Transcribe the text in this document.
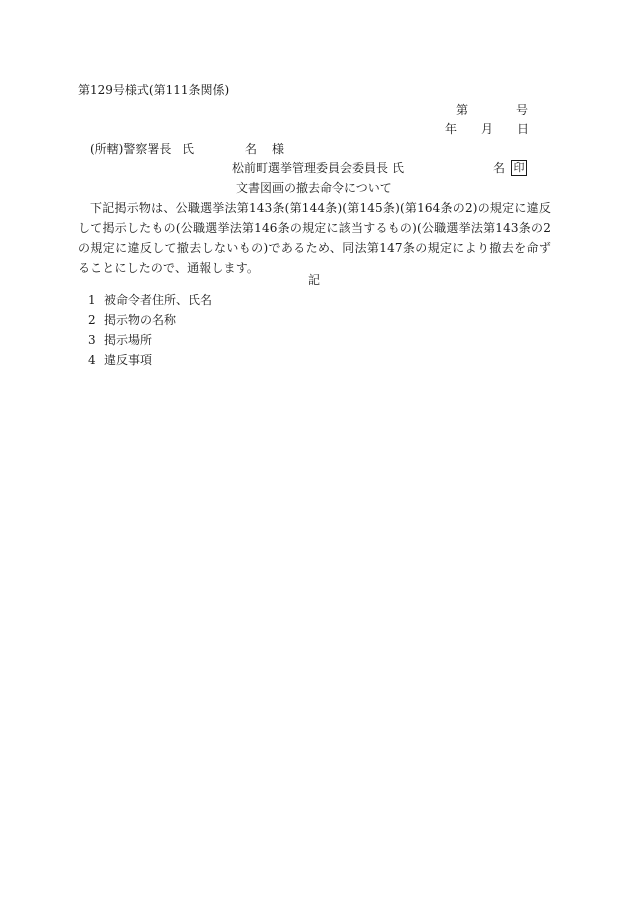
第129号様式(第111条関係)
第	号
年 月 日
(所轄)警察署長 氏	名 様
松前町選挙管理委員会委員長 氏	名 印
文書図画の撤去命令について
下記掲示物は、公職選挙法第143条(第144条)(第145条)(第164条の2)の規定に違反して掲示したもの(公職選挙法第146条の規定に該当するもの)(公職選挙法第143条の2の規定に違反して撤去しないもの)であるため、同法第147条の規定により撤去を命ずることにしたので、通報します。
記
1 被命令者住所、氏名
2 掲示物の名称
3 掲示場所
4 違反事項
